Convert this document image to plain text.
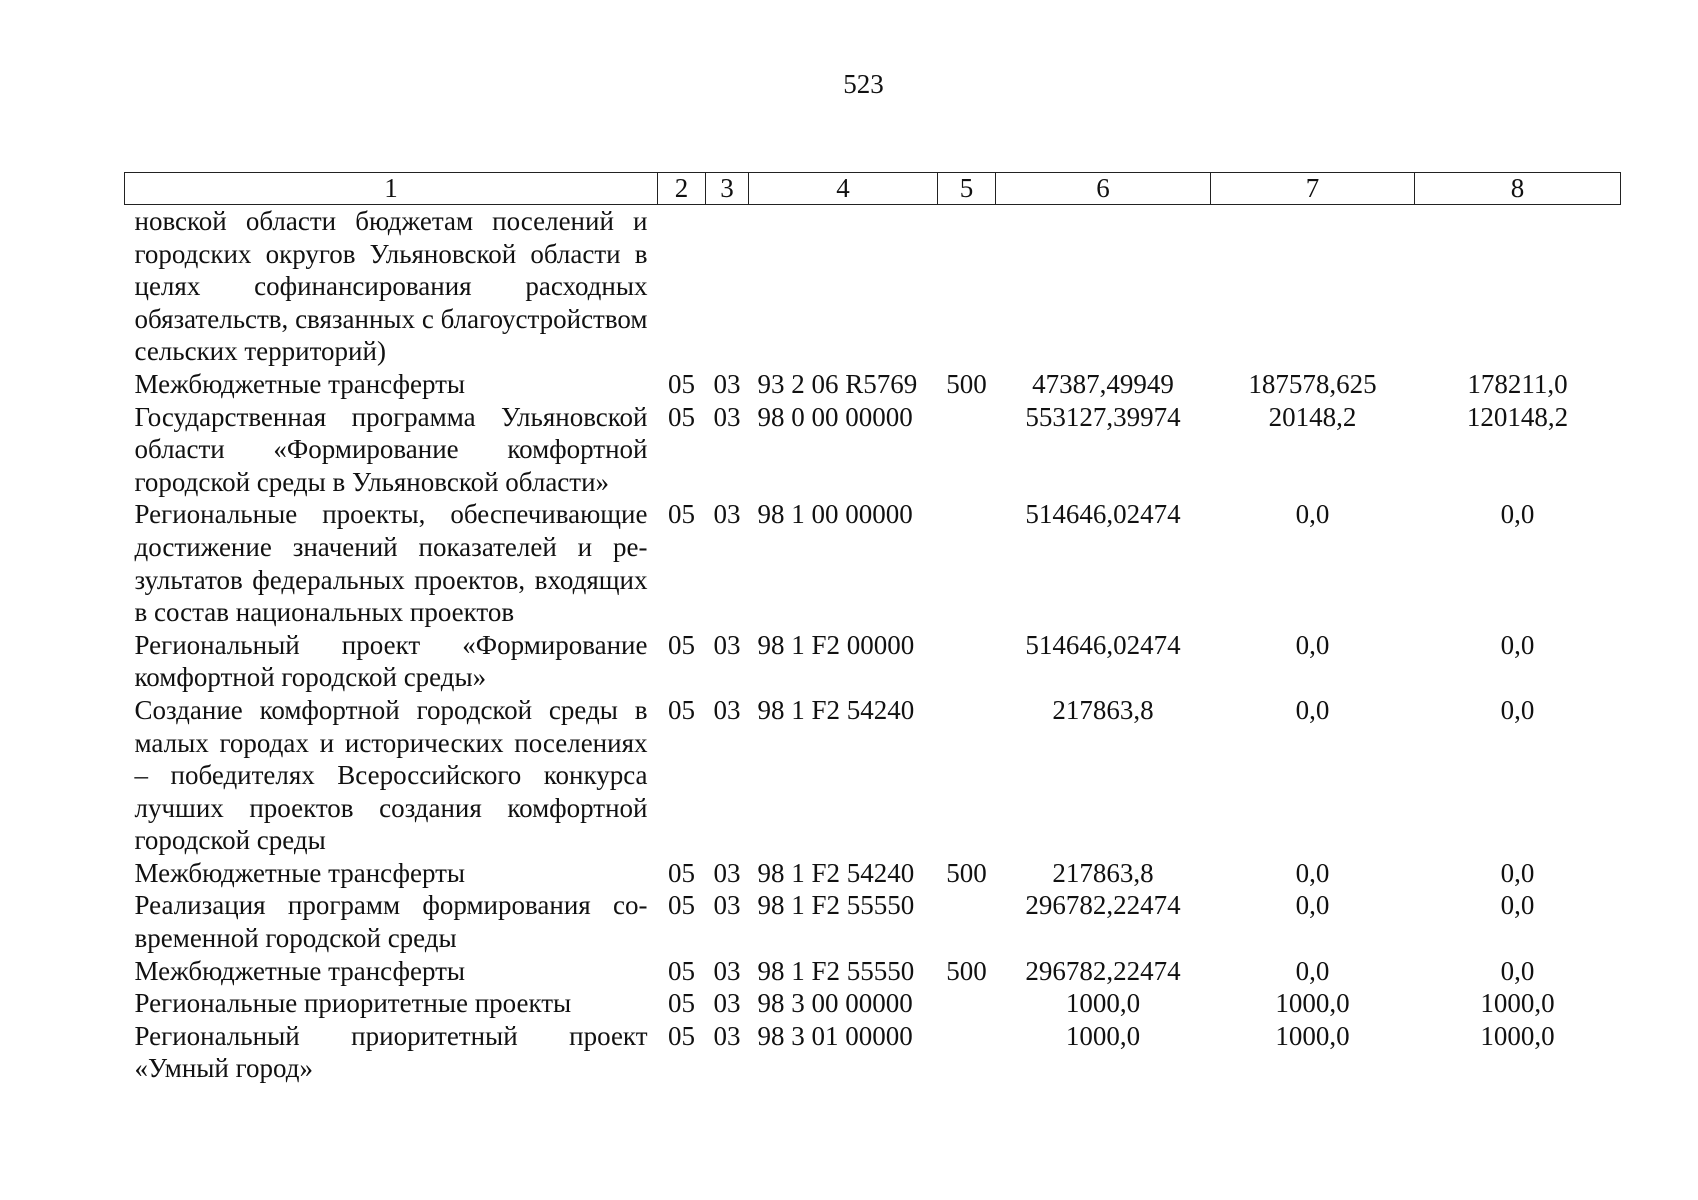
523
1	2	3	4	5	6	7	8
новской области бюджетам поселений и городских округов Ульяновской области в целях софинансирования расходных обязательств, связанных с благоустройством сельских территорий)							
Межбюджетные трансферты	05	03	93 2 06 R5769	500	47387,49949	187578,625	178211,0
Государственная программа Ульяновской области «Формирование комфортной городской среды в Ульяновской области»	05	03	98 0 00 00000		553127,39974	20148,2	120148,2
Региональные проекты, обеспечивающие достижение значений показателей и результатов федеральных проектов, входящих в состав национальных проектов	05	03	98 1 00 00000		514646,02474	0,0	0,0
Региональный проект «Формирование комфортной городской среды»	05	03	98 1 F2 00000		514646,02474	0,0	0,0
Создание комфортной городской среды в малых городах и исторических поселениях – победителях Всероссийского конкурса лучших проектов создания комфортной городской среды	05	03	98 1 F2 54240		217863,8	0,0	0,0
Межбюджетные трансферты	05	03	98 1 F2 54240	500	217863,8	0,0	0,0
Реализация программ формирования современной городской среды	05	03	98 1 F2 55550		296782,22474	0,0	0,0
Межбюджетные трансферты	05	03	98 1 F2 55550	500	296782,22474	0,0	0,0
Региональные приоритетные проекты	05	03	98 3 00 00000		1000,0	1000,0	1000,0
Региональный приоритетный проект «Умный город»	05	03	98 3 01 00000		1000,0	1000,0	1000,0
